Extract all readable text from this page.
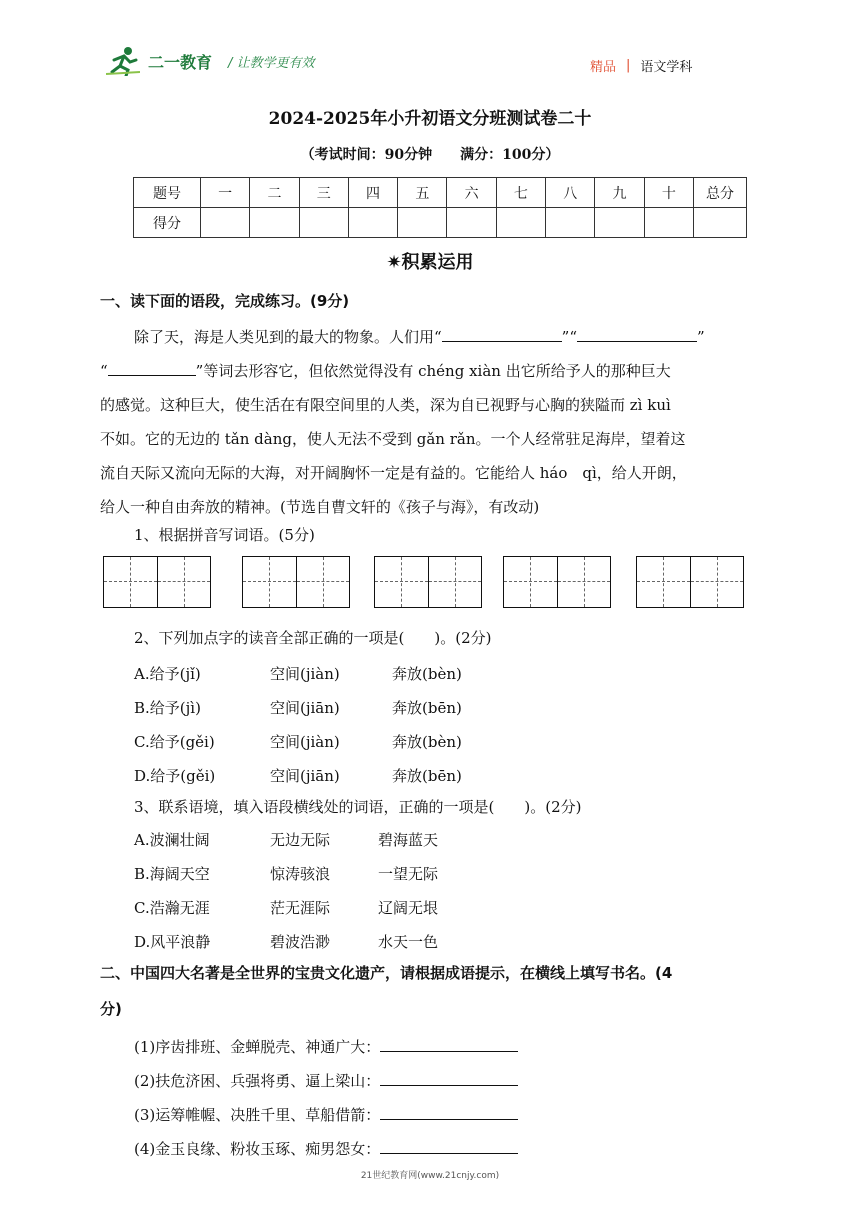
二一教育 / 让教学更有效	精品 | 语文学科
2024-2025年小升初语文分班测试卷二十
（考试时间：90分钟　　满分：100分）
题号	一	二	三	四	五	六	七	八	九	十	总分
得分											
✷积累运用
一、读下面的语段，完成练习。(9分)
除了天，海是人类见到的最大的物象。人们用“	”“	”
“	”等词去形容它，但依然觉得没有 chéng xiàn 出它所给予人的那种巨大
的感觉。这种巨大，使生活在有限空间里的人类，深为自已视野与心胸的狭隘而 zì kuì
不如。它的无边的 tǎn dàng，使人无法不受到 gǎn rǎn。一个人经常驻足海岸，望着这
流自天际又流向无际的大海，对开阔胸怀一定是有益的。它能给人 háo　qì，给人开朗，
给人一种自由奔放的精神。(节选自曹文轩的《孩子与海》，有改动)
1、根据拼音写词语。(5分)
2、下列加点字的读音全部正确的一项是(　　)。(2分)
A.给予(jǐ)	空间(jiàn)	奔放(bèn)
B.给予(jì)	空间(jiān)	奔放(bēn)
C.给予(gěi)	空间(jiàn)	奔放(bèn)
D.给予(gěi)	空间(jiān)	奔放(bēn)
3、联系语境，填入语段横线处的词语，正确的一项是(　　)。(2分)
A.波澜壮阔	无边无际	碧海蓝天
B.海阔天空	惊涛骇浪	一望无际
C.浩瀚无涯	茫无涯际	辽阔无垠
D.风平浪静	碧波浩渺	水天一色
二、中国四大名著是全世界的宝贵文化遗产，请根据成语提示，在横线上填写书名。(4
分)
(1)序齿排班、金蝉脱壳、神通广大：
(2)扶危济困、兵强将勇、逼上梁山：
(3)运筹帷幄、决胜千里、草船借箭：
(4)金玉良缘、粉妆玉琢、痴男怨女：
21世纪教育网(www.21cnjy.com)
